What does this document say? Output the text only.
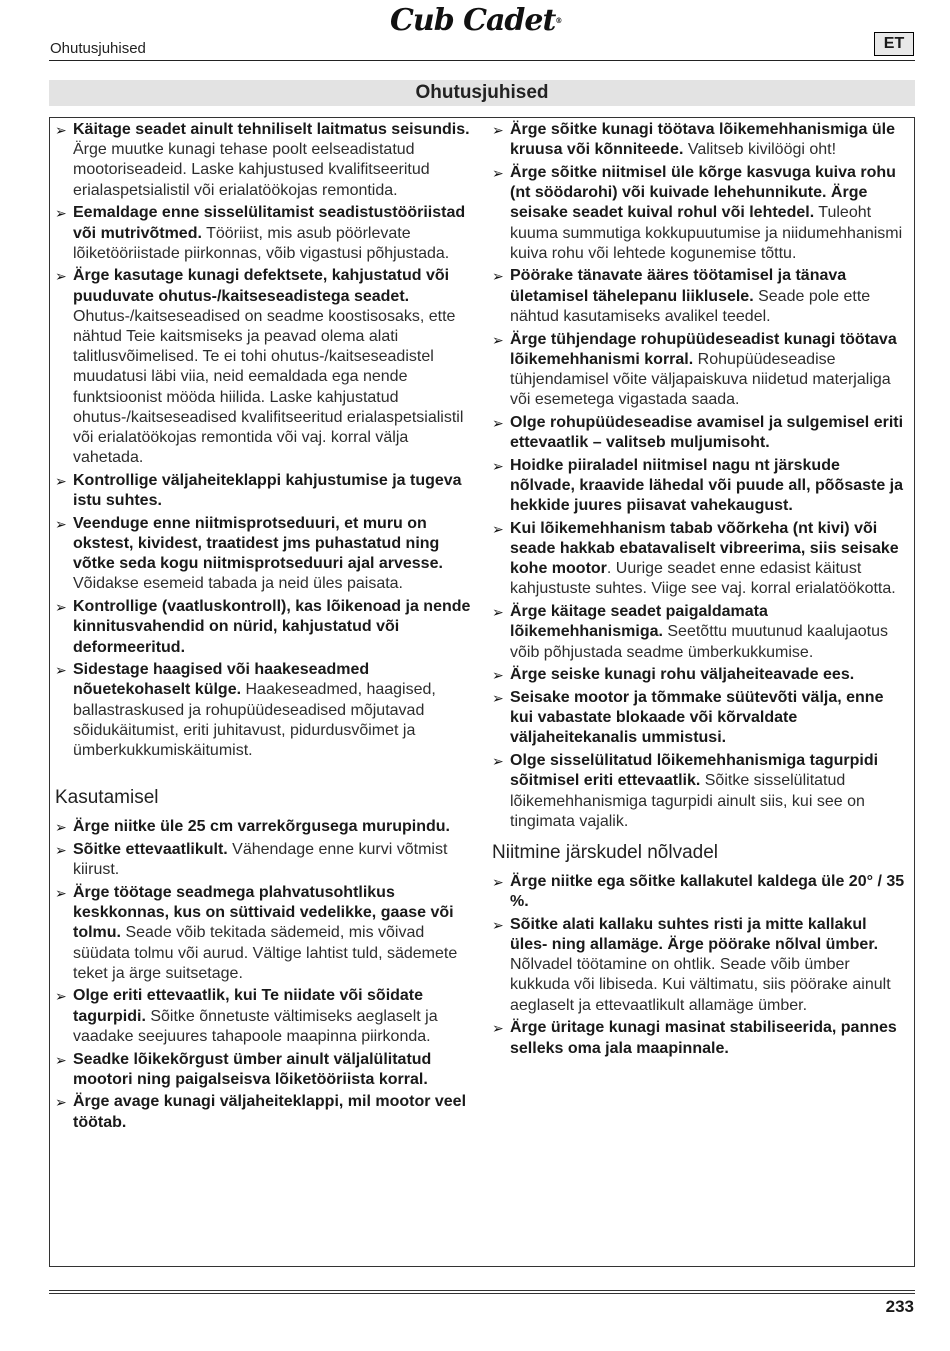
Cub Cadet®
Ohutusjuhised	ET
Ohutusjuhised
➢ Käitage seadet ainult tehniliselt laitmatus seisundis. Ärge muutke kunagi tehase poolt eelseadistatud mootoriseadeid. Laske kahjustused kvalifitseeritud erialaspetsialistil või erialatöökojas remontida.
➢ Eemaldage enne sisselülitamist seadistustööriistad või mutrivõtmed. Tööriist, mis asub pöörlevate lõiketööriistade piirkonnas, võib vigastusi põhjustada.
➢ Ärge kasutage kunagi defektsete, kahjustatud või puuduvate ohutus-/kaitseseadistega seadet. Ohutus-/kaitseseadised on seadme koostisosaks, ette nähtud Teie kaitsmiseks ja peavad olema alati talitlusvõimelised. Te ei tohi ohutus-/kaitseseadistel muudatusi läbi viia, neid eemaldada ega nende funktsioonist mööda hiilida. Laske kahjustatud ohutus-/kaitseseadised kvalifitseeritud erialaspetsialistil või erialatöökojas remontida või vaj. korral välja vahetada.
➢ Kontrollige väljaheiteklappi kahjustumise ja tugeva istu suhtes.
➢ Veenduge enne niitmisprotseduuri, et muru on okstest, kividest, traatidest jms puhastatud ning võtke seda kogu niitmisprotseduuri ajal arvesse. Võidakse esemeid tabada ja neid üles paisata.
➢ Kontrollige (vaatluskontroll), kas lõikenoad ja nende kinnitusvahendid on nürid, kahjustatud või deformeeritud.
➢ Sidestage haagised või haakeseadmed nõuetekohaselt külge. Haakeseadmed, haagised, ballastraskused ja rohupüüdeseadised mõjutavad sõidukäitumist, eriti juhitavust, pidurdusvõimet ja ümberkukkumiskäitumist.
Kasutamisel
➢ Ärge niitke üle 25 cm varrekõrgusega murupindu.
➢ Sõitke ettevaatlikult. Vähendage enne kurvi võtmist kiirust.
➢ Ärge töötage seadmega plahvatusohtlikus keskkonnas, kus on süttivaid vedelikke, gaase või tolmu. Seade võib tekitada sädemeid, mis võivad süüdata tolmu või aurud. Vältige lahtist tuld, sädemete teket ja ärge suitsetage.
➢ Olge eriti ettevaatlik, kui Te niidate või sõidate tagurpidi. Sõitke õnnetuste vältimiseks aeglaselt ja vaadake seejuures tahapoole maapinna piirkonda.
➢ Seadke lõikekõrgust ümber ainult väljalülitatud mootori ning paigalseisva lõiketööriista korral.
➢ Ärge avage kunagi väljaheiteklappi, mil mootor veel töötab.
➢ Ärge sõitke kunagi töötava lõikemehhanismiga üle kruusa või kõnniteede. Valitseb kivilöögi oht!
➢ Ärge sõitke niitmisel üle kõrge kasvuga kuiva rohu (nt söödarohi) või kuivade lehehunnikute. Ärge seisake seadet kuival rohul või lehtedel. Tuleoht kuuma summutiga kokkupuutumise ja niidumehhanismi kuiva rohu või lehtede kogunemise tõttu.
➢ Pöörake tänavate ääres töötamisel ja tänava ületamisel tähelepanu liiklusele. Seade pole ette nähtud kasutamiseks avalikel teedel.
➢ Ärge tühjendage rohupüüdeseadist kunagi töötava lõikemehhanismi korral. Rohupüüdeseadise tühjendamisel võite väljapaiskuva niidetud materjaliga või esemetega vigastada saada.
➢ Olge rohupüüdeseadise avamisel ja sulgemisel eriti ettevaatlik – valitseb muljumisoht.
➢ Hoidke piiraladel niitmisel nagu nt järskude nõlvade, kraavide lähedal või puude all, põõsaste ja hekkide juures piisavat vahekaugust.
➢ Kui lõikemehhanism tabab võõrkeha (nt kivi) või seade hakkab ebatavaliselt vibreerima, siis seisake kohe mootor. Uurige seadet enne edasist käitust kahjustuste suhtes. Viige see vaj. korral erialatöökotta.
➢ Ärge käitage seadet paigaldamata lõikemehhanismiga. Seetõttu muutunud kaalujaotus võib põhjustada seadme ümberkukkumise.
➢ Ärge seiske kunagi rohu väljaheiteavade ees.
➢ Seisake mootor ja tõmmake süütevõti välja, enne kui vabastate blokaade või kõrvaldate väljaheitekanalis ummistusi.
➢ Olge sisselülitatud lõikemehhanismiga tagurpidi sõitmisel eriti ettevaatlik. Sõitke sisselülitatud lõikemehhanismiga tagurpidi ainult siis, kui see on tingimata vajalik.
Niitmine järskudel nõlvadel
➢ Ärge niitke ega sõitke kallakutel kaldega üle 20° / 35 %.
➢ Sõitke alati kallaku suhtes risti ja mitte kallakul üles- ning allamäge. Ärge pöörake nõlval ümber. Nõlvadel töötamine on ohtlik. Seade võib ümber kukkuda või libiseda. Kui vältimatu, siis pöörake ainult aeglaselt ja ettevaatlikult allamäge ümber.
➢ Ärge üritage kunagi masinat stabiliseerida, pannes selleks oma jala maapinnale.
233
